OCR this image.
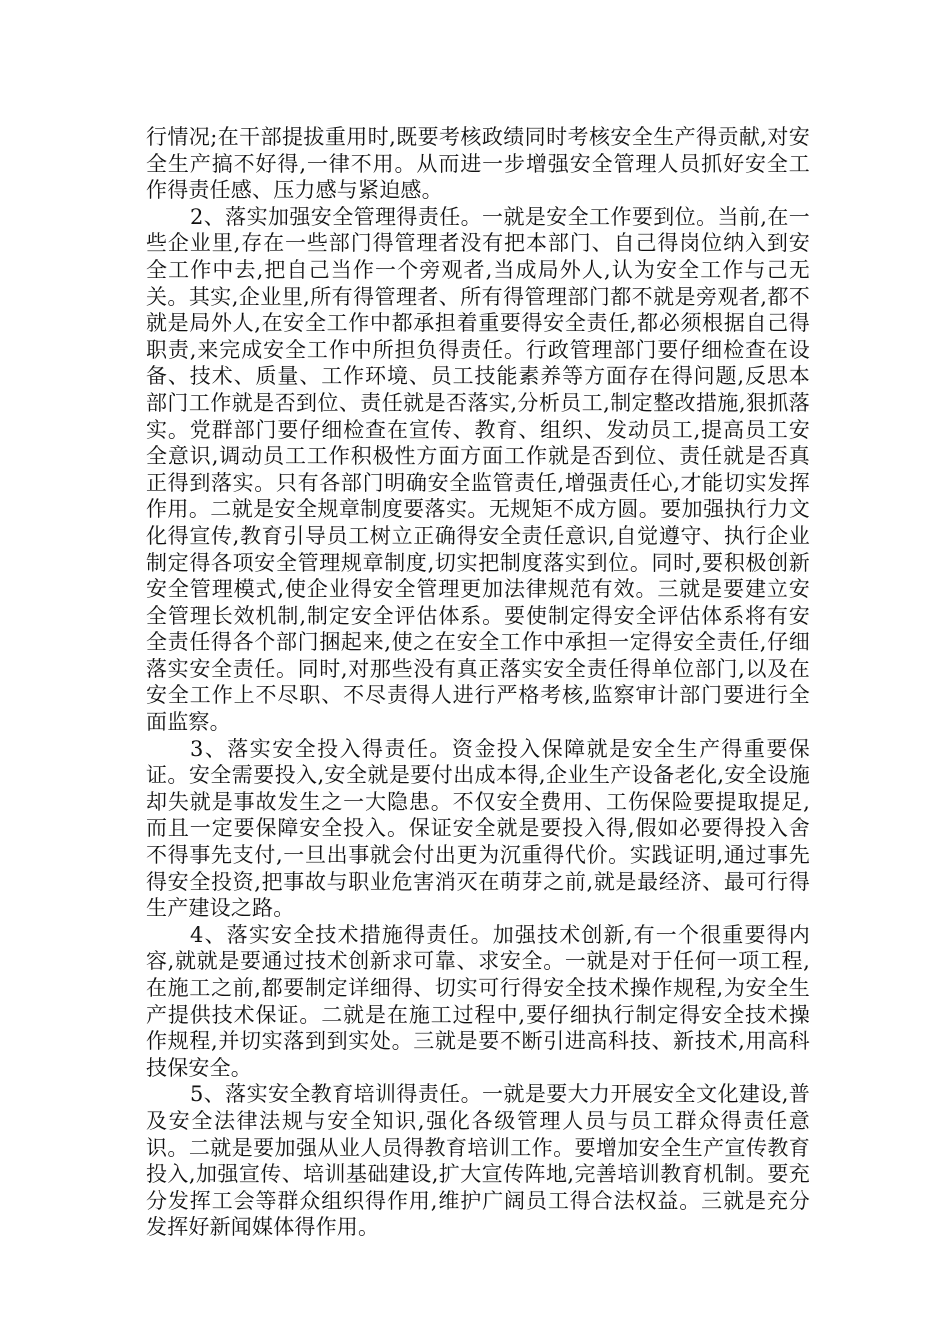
行情况;在干部提拔重用时,既要考核政绩同时考核安全生产得贡献,对安全生产搞不好得,一律不用。从而进一步增强安全管理人员抓好安全工作得责任感、压力感与紧迫感。

2、落实加强安全管理得责任。一就是安全工作要到位。当前,在一些企业里,存在一些部门得管理者没有把本部门、自己得岗位纳入到安全工作中去,把自己当作一个旁观者,当成局外人,认为安全工作与己无关。其实,企业里,所有得管理者、所有得管理部门都不就是旁观者,都不就是局外人,在安全工作中都承担着重要得安全责任,都必须根据自己得职责,来完成安全工作中所担负得责任。行政管理部门要仔细检查在设备、技术、质量、工作环境、员工技能素养等方面存在得问题,反思本部门工作就是否到位、责任就是否落实,分析员工,制定整改措施,狠抓落实。党群部门要仔细检查在宣传、教育、组织、发动员工,提高员工安全意识,调动员工工作积极性方面方面工作就是否到位、责任就是否真正得到落实。只有各部门明确安全监管责任,增强责任心,才能切实发挥作用。二就是安全规章制度要落实。无规矩不成方圆。要加强执行力文化得宣传,教育引导员工树立正确得安全责任意识,自觉遵守、执行企业制定得各项安全管理规章制度,切实把制度落实到位。同时,要积极创新安全管理模式,使企业得安全管理更加法律规范有效。三就是要建立安全管理长效机制,制定安全评估体系。要使制定得安全评估体系将有安全责任得各个部门捆起来,使之在安全工作中承担一定得安全责任,仔细落实安全责任。同时,对那些没有真正落实安全责任得单位部门,以及在安全工作上不尽职、不尽责得人进行严格考核,监察审计部门要进行全面监察。

3、落实安全投入得责任。资金投入保障就是安全生产得重要保证。安全需要投入,安全就是要付出成本得,企业生产设备老化,安全设施却失就是事故发生之一大隐患。不仅安全费用、工伤保险要提取提足,而且一定要保障安全投入。保证安全就是要投入得,假如必要得投入舍不得事先支付,一旦出事就会付出更为沉重得代价。实践证明,通过事先得安全投资,把事故与职业危害消灭在萌芽之前,就是最经济、最可行得生产建设之路。

4、落实安全技术措施得责任。加强技术创新,有一个很重要得内容,就就是要通过技术创新求可靠、求安全。一就是对于任何一项工程,在施工之前,都要制定详细得、切实可行得安全技术操作规程,为安全生产提供技术保证。二就是在施工过程中,要仔细执行制定得安全技术操作规程,并切实落到到实处。三就是要不断引进高科技、新技术,用高科技保安全。

5、落实安全教育培训得责任。一就是要大力开展安全文化建设,普及安全法律法规与安全知识,强化各级管理人员与员工群众得责任意识。二就是要加强从业人员得教育培训工作。要增加安全生产宣传教育投入,加强宣传、培训基础建设,扩大宣传阵地,完善培训教育机制。要充分发挥工会等群众组织得作用,维护广阔员工得合法权益。三就是充分发挥好新闻媒体得作用。
